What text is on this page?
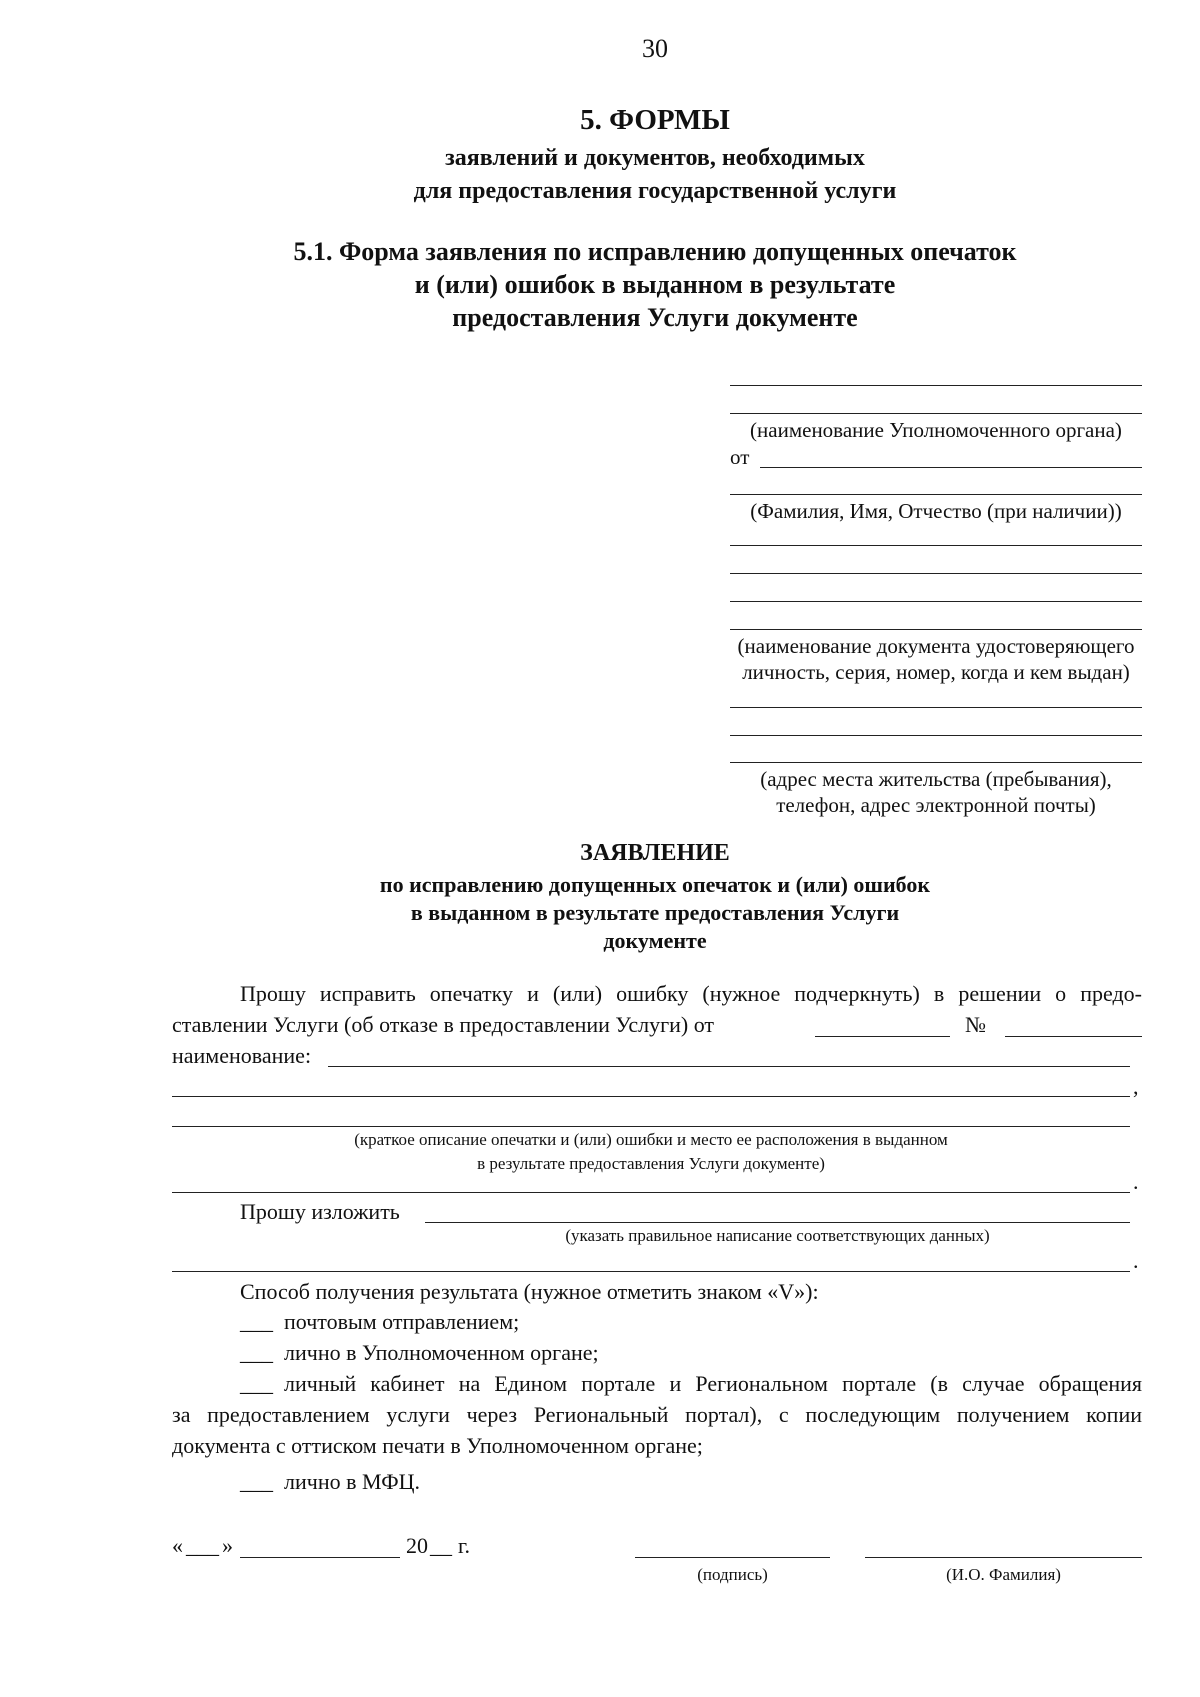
30
5. ФОРМЫ
заявлений и документов, необходимых
для предоставления государственной услуги
5.1. Форма заявления по исправлению допущенных опечаток
и (или) ошибок в выданном в результате
предоставления Услуги документе
(наименование Уполномоченного органа)
от
(Фамилия, Имя, Отчество (при наличии))
(наименование документа удостоверяющего
личность, серия, номер, когда и кем выдан)
(адрес места жительства (пребывания),
телефон, адрес электронной почты)
ЗАЯВЛЕНИЕ
по исправлению допущенных опечаток и (или) ошибок
в выданном в результате предоставления Услуги
документе
Прошу исправить опечатку и (или) ошибку (нужное подчеркнуть) в решении о предо-
ставлении Услуги (об отказе в предоставлении Услуги) от	№
наименование:
,
(краткое описание опечатки и (или) ошибки и место ее расположения в выданном
в результате предоставления Услуги документе)
.
Прошу изложить
(указать правильное написание соответствующих данных)
.
Способ получения результата (нужное отметить знаком «V»):
___ почтовым отправлением;
___ лично в Уполномоченном органе;
___ личный кабинет на Едином портале и Региональном портале (в случае обращения
за предоставлением услуги через Региональный портал), с последующим получением копии
документа с оттиском печати в Уполномоченном органе;
___ лично в МФЦ.
« ___ »	20 __ г.
(подпись)	(И.О. Фамилия)
